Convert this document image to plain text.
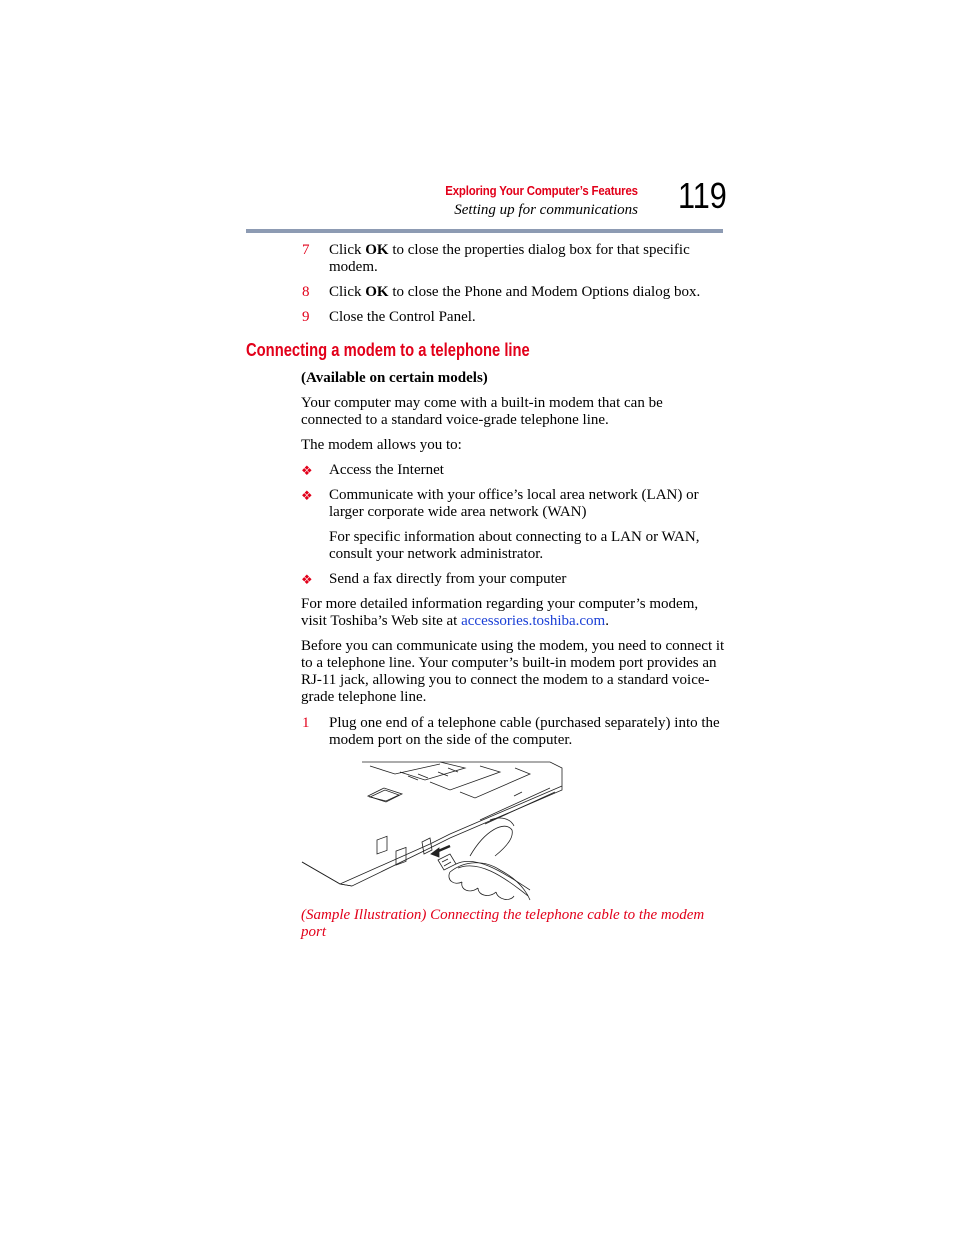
Exploring Your Computer’s Features
Setting up for communications 119
7	Click OK to close the properties dialog box for that specific modem.
8	Click OK to close the Phone and Modem Options dialog box.
9	Close the Control Panel.
Connecting a modem to a telephone line
(Available on certain models)
Your computer may come with a built-in modem that can be connected to a standard voice-grade telephone line.
The modem allows you to:
❖ Access the Internet
❖ Communicate with your office’s local area network (LAN) or larger corporate wide area network (WAN)
For specific information about connecting to a LAN or WAN, consult your network administrator.
❖ Send a fax directly from your computer
For more detailed information regarding your computer’s modem, visit Toshiba’s Web site at accessories.toshiba.com.
Before you can communicate using the modem, you need to connect it to a telephone line. Your computer’s built-in modem port provides an RJ-11 jack, allowing you to connect the modem to a standard voice-grade telephone line.
1	Plug one end of a telephone cable (purchased separately) into the modem port on the side of the computer.
(Sample Illustration) Connecting the telephone cable to the modem port
